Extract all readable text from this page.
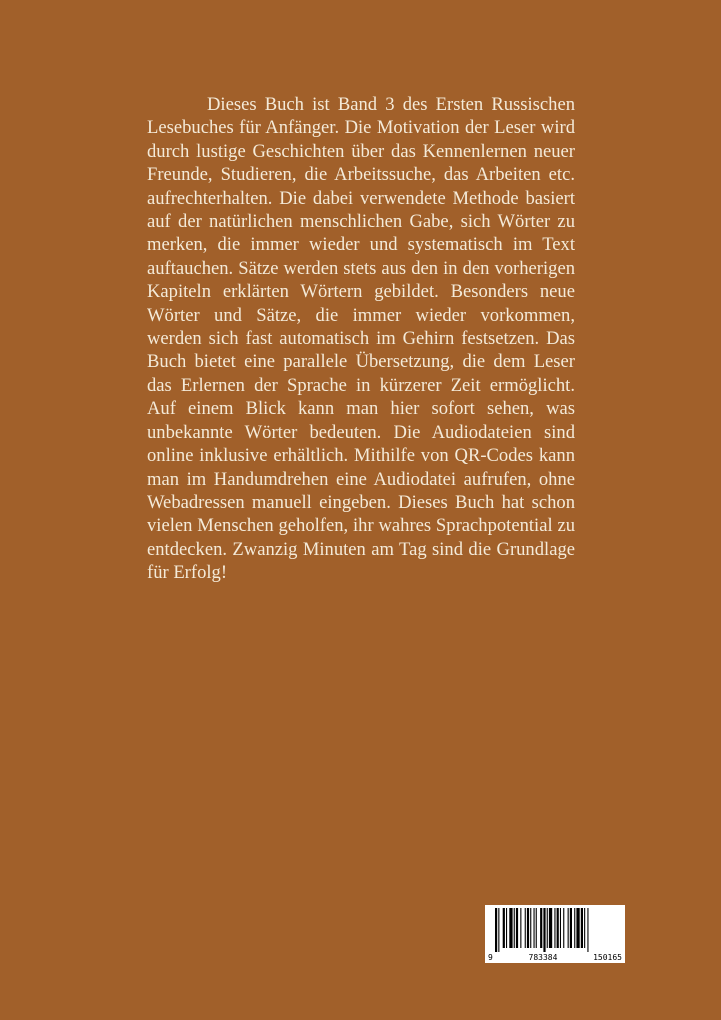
Dieses Buch ist Band 3 des Ersten Russischen Lesebuches für Anfänger. Die Motivation der Leser wird durch lustige Geschichten über das Kennenlernen neuer Freunde, Studieren, die Arbeitssuche, das Arbeiten etc. aufrechterhalten. Die dabei verwendete Methode basiert auf der natürlichen menschlichen Gabe, sich Wörter zu merken, die immer wieder und systematisch im Text auftauchen. Sätze werden stets aus den in den vorherigen Kapiteln erklärten Wörtern gebildet. Besonders neue Wörter und Sätze, die immer wieder vorkommen, werden sich fast automatisch im Gehirn festsetzen. Das Buch bietet eine parallele Übersetzung, die dem Leser das Erlernen der Sprache in kürzerer Zeit ermöglicht. Auf einem Blick kann man hier sofort sehen, was unbekannte Wörter bedeuten. Die Audiodateien sind online inklusive erhältlich. Mithilfe von QR-Codes kann man im Handumdrehen eine Audiodatei aufrufen, ohne Webadressen manuell eingeben. Dieses Buch hat schon vielen Menschen geholfen, ihr wahres Sprachpotential zu entdecken. Zwanzig Minuten am Tag sind die Grundlage für Erfolg!

9	783384	150165
